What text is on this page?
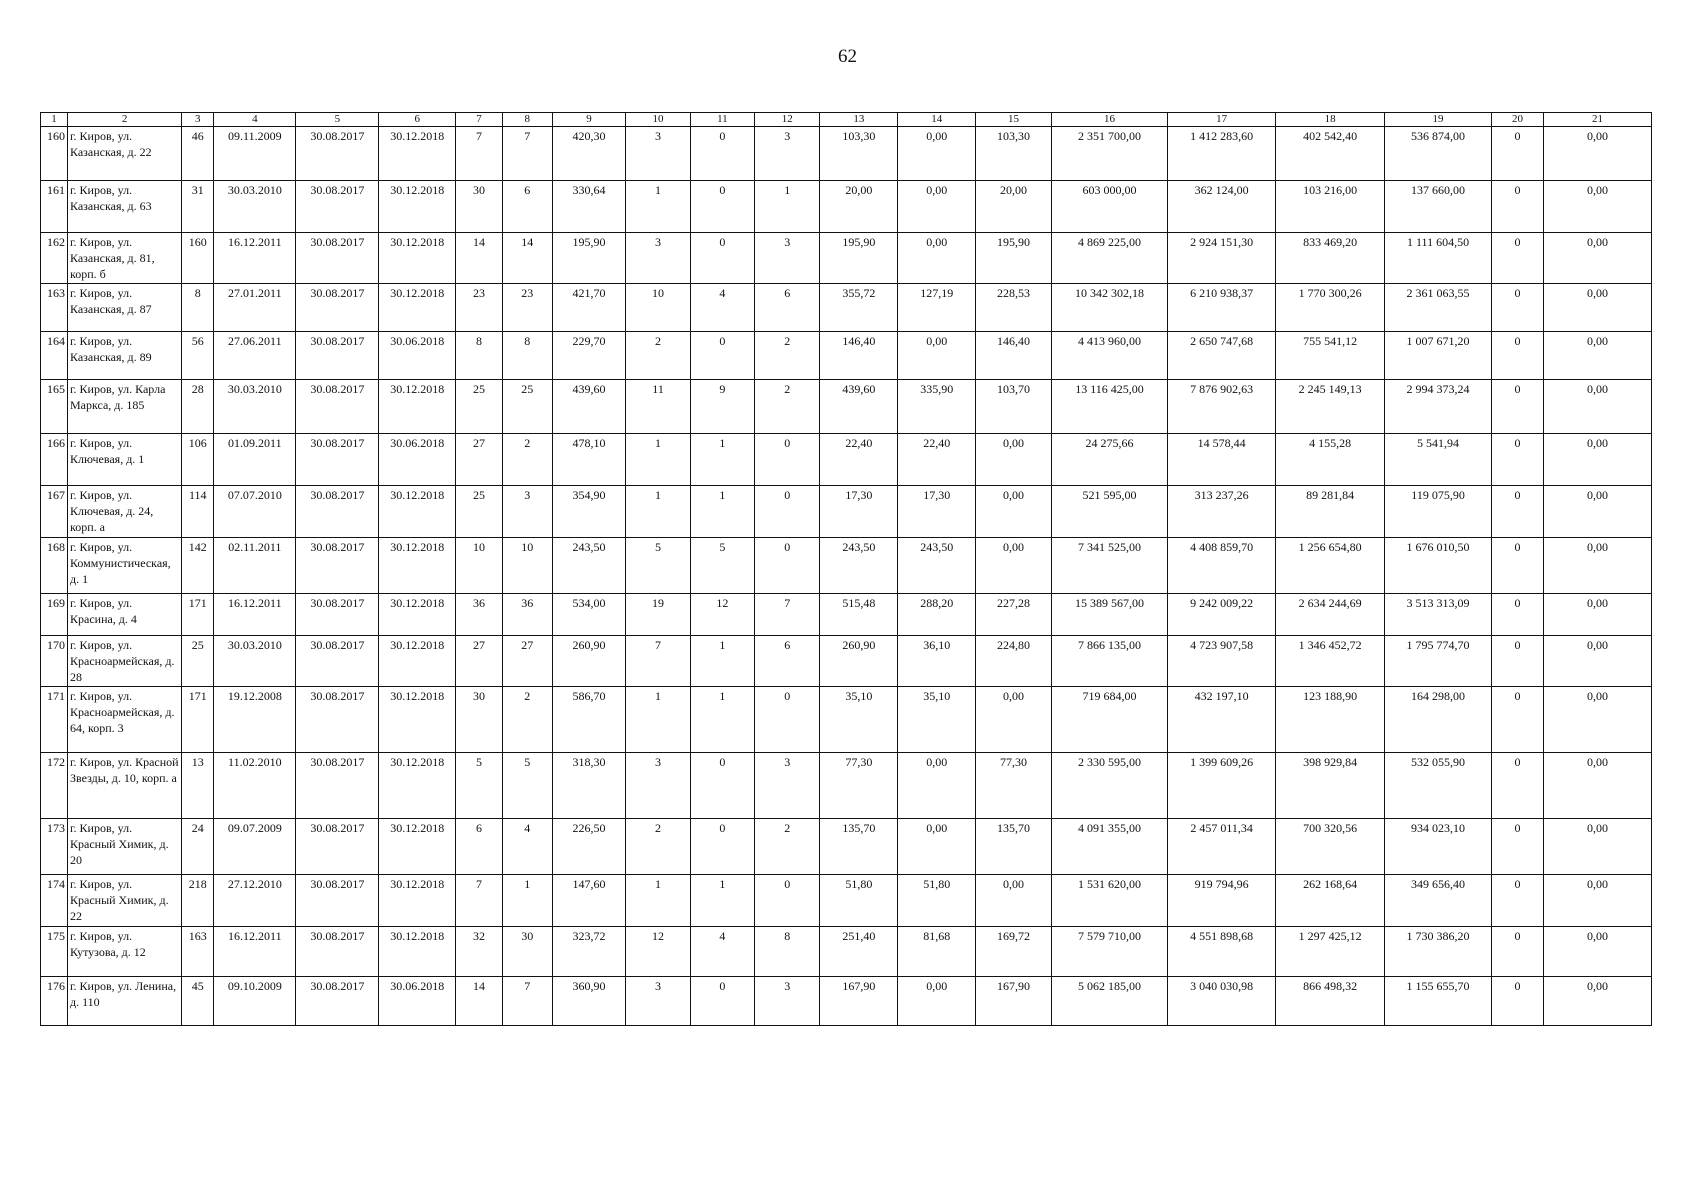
62
1	2	3	4	5	6	7	8	9	10	11	12	13	14	15	16	17	18	19	20	21
160	г. Киров, ул. Казанская, д. 22	46	09.11.2009	30.08.2017	30.12.2018	7	7	420,30	3	0	3	103,30	0,00	103,30	2 351 700,00	1 412 283,60	402 542,40	536 874,00	0	0,00
161	г. Киров, ул. Казанская, д. 63	31	30.03.2010	30.08.2017	30.12.2018	30	6	330,64	1	0	1	20,00	0,00	20,00	603 000,00	362 124,00	103 216,00	137 660,00	0	0,00
162	г. Киров, ул. Казанская, д. 81, корп. б	160	16.12.2011	30.08.2017	30.12.2018	14	14	195,90	3	0	3	195,90	0,00	195,90	4 869 225,00	2 924 151,30	833 469,20	1 111 604,50	0	0,00
163	г. Киров, ул. Казанская, д. 87	8	27.01.2011	30.08.2017	30.12.2018	23	23	421,70	10	4	6	355,72	127,19	228,53	10 342 302,18	6 210 938,37	1 770 300,26	2 361 063,55	0	0,00
164	г. Киров, ул. Казанская, д. 89	56	27.06.2011	30.08.2017	30.06.2018	8	8	229,70	2	0	2	146,40	0,00	146,40	4 413 960,00	2 650 747,68	755 541,12	1 007 671,20	0	0,00
165	г. Киров, ул. Карла Маркса, д. 185	28	30.03.2010	30.08.2017	30.12.2018	25	25	439,60	11	9	2	439,60	335,90	103,70	13 116 425,00	7 876 902,63	2 245 149,13	2 994 373,24	0	0,00
166	г. Киров, ул. Ключевая, д. 1	106	01.09.2011	30.08.2017	30.06.2018	27	2	478,10	1	1	0	22,40	22,40	0,00	24 275,66	14 578,44	4 155,28	5 541,94	0	0,00
167	г. Киров, ул. Ключевая, д. 24, корп. а	114	07.07.2010	30.08.2017	30.12.2018	25	3	354,90	1	1	0	17,30	17,30	0,00	521 595,00	313 237,26	89 281,84	119 075,90	0	0,00
168	г. Киров, ул. Коммунистическая, д. 1	142	02.11.2011	30.08.2017	30.12.2018	10	10	243,50	5	5	0	243,50	243,50	0,00	7 341 525,00	4 408 859,70	1 256 654,80	1 676 010,50	0	0,00
169	г. Киров, ул. Красина, д. 4	171	16.12.2011	30.08.2017	30.12.2018	36	36	534,00	19	12	7	515,48	288,20	227,28	15 389 567,00	9 242 009,22	2 634 244,69	3 513 313,09	0	0,00
170	г. Киров, ул. Красноармейская, д. 28	25	30.03.2010	30.08.2017	30.12.2018	27	27	260,90	7	1	6	260,90	36,10	224,80	7 866 135,00	4 723 907,58	1 346 452,72	1 795 774,70	0	0,00
171	г. Киров, ул. Красноармейская, д. 64, корп. 3	171	19.12.2008	30.08.2017	30.12.2018	30	2	586,70	1	1	0	35,10	35,10	0,00	719 684,00	432 197,10	123 188,90	164 298,00	0	0,00
172	г. Киров, ул. Красной Звезды, д. 10, корп. а	13	11.02.2010	30.08.2017	30.12.2018	5	5	318,30	3	0	3	77,30	0,00	77,30	2 330 595,00	1 399 609,26	398 929,84	532 055,90	0	0,00
173	г. Киров, ул. Красный Химик, д. 20	24	09.07.2009	30.08.2017	30.12.2018	6	4	226,50	2	0	2	135,70	0,00	135,70	4 091 355,00	2 457 011,34	700 320,56	934 023,10	0	0,00
174	г. Киров, ул. Красный Химик, д. 22	218	27.12.2010	30.08.2017	30.12.2018	7	1	147,60	1	1	0	51,80	51,80	0,00	1 531 620,00	919 794,96	262 168,64	349 656,40	0	0,00
175	г. Киров, ул. Кутузова, д. 12	163	16.12.2011	30.08.2017	30.12.2018	32	30	323,72	12	4	8	251,40	81,68	169,72	7 579 710,00	4 551 898,68	1 297 425,12	1 730 386,20	0	0,00
176	г. Киров, ул. Ленина, д. 110	45	09.10.2009	30.08.2017	30.06.2018	14	7	360,90	3	0	3	167,90	0,00	167,90	5 062 185,00	3 040 030,98	866 498,32	1 155 655,70	0	0,00
